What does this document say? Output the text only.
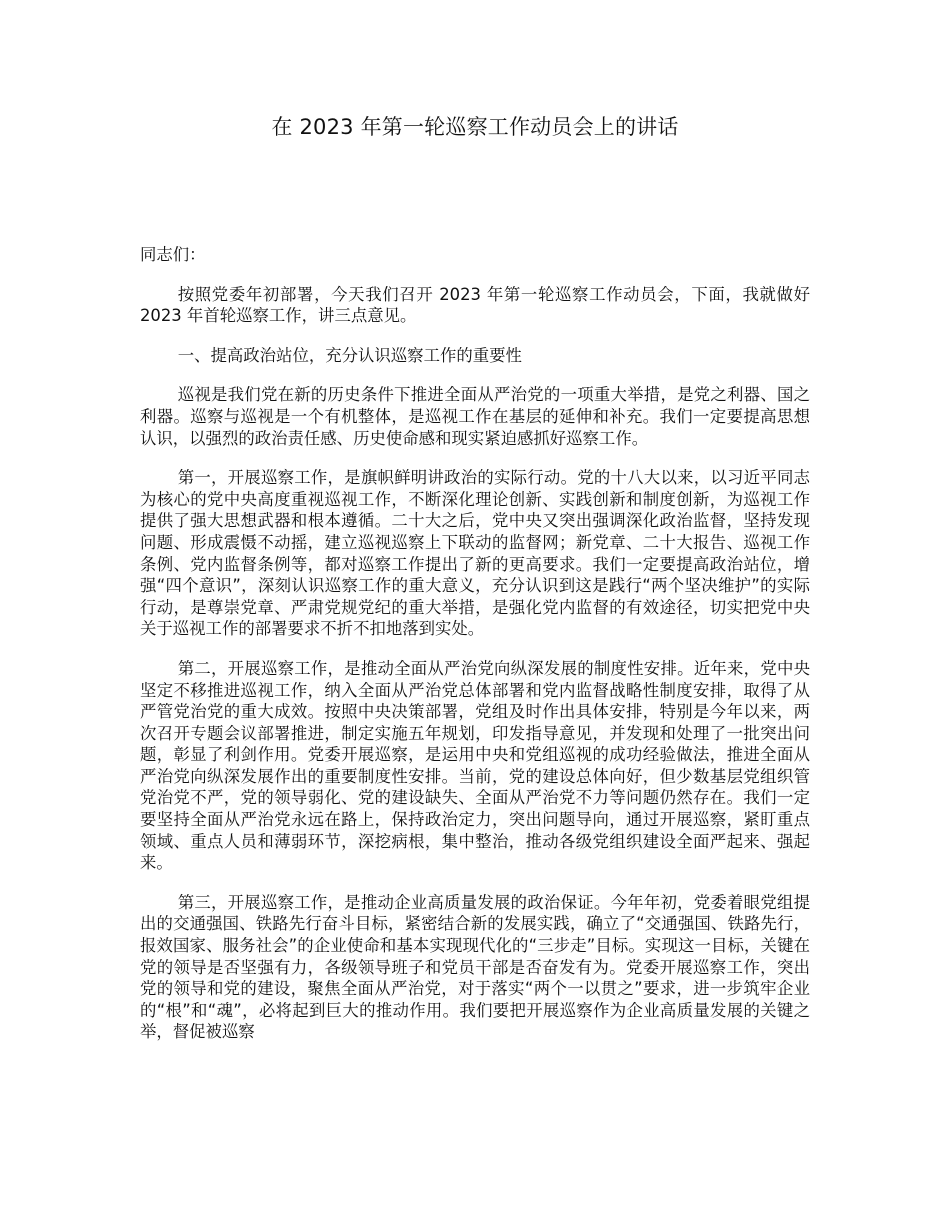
在 2023 年第一轮巡察工作动员会上的讲话

同志们：

按照党委年初部署，今天我们召开 2023 年第一轮巡察工作动员会，下面，我就做好 2023 年首轮巡察工作，讲三点意见。

一、提高政治站位，充分认识巡察工作的重要性

巡视是我们党在新的历史条件下推进全面从严治党的一项重大举措，是党之利器、国之利器。巡察与巡视是一个有机整体，是巡视工作在基层的延伸和补充。我们一定要提高思想认识，以强烈的政治责任感、历史使命感和现实紧迫感抓好巡察工作。

第一，开展巡察工作，是旗帜鲜明讲政治的实际行动。党的十八大以来，以习近平同志为核心的党中央高度重视巡视工作，不断深化理论创新、实践创新和制度创新，为巡视工作提供了强大思想武器和根本遵循。二十大之后，党中央又突出强调深化政治监督，坚持发现问题、形成震慑不动摇，建立巡视巡察上下联动的监督网；新党章、二十大报告、巡视工作条例、党内监督条例等，都对巡察工作提出了新的更高要求。我们一定要提高政治站位，增强“四个意识”，深刻认识巡察工作的重大意义，充分认识到这是践行“两个坚决维护”的实际行动，是尊崇党章、严肃党规党纪的重大举措，是强化党内监督的有效途径，切实把党中央关于巡视工作的部署要求不折不扣地落到实处。

第二，开展巡察工作，是推动全面从严治党向纵深发展的制度性安排。近年来，党中央坚定不移推进巡视工作，纳入全面从严治党总体部署和党内监督战略性制度安排，取得了从严管党治党的重大成效。按照中央决策部署，党组及时作出具体安排，特别是今年以来，两次召开专题会议部署推进，制定实施五年规划，印发指导意见，并发现和处理了一批突出问题，彰显了利剑作用。党委开展巡察，是运用中央和党组巡视的成功经验做法，推进全面从严治党向纵深发展作出的重要制度性安排。当前，党的建设总体向好，但少数基层党组织管党治党不严，党的领导弱化、党的建设缺失、全面从严治党不力等问题仍然存在。我们一定要坚持全面从严治党永远在路上，保持政治定力，突出问题导向，通过开展巡察，紧盯重点领域、重点人员和薄弱环节，深挖病根，集中整治，推动各级党组织建设全面严起来、强起来。

第三，开展巡察工作，是推动企业高质量发展的政治保证。今年年初，党委着眼党组提出的交通强国、铁路先行奋斗目标，紧密结合新的发展实践，确立了“交通强国、铁路先行，报效国家、服务社会”的企业使命和基本实现现代化的“三步走”目标。实现这一目标，关键在党的领导是否坚强有力，各级领导班子和党员干部是否奋发有为。党委开展巡察工作，突出党的领导和党的建设，聚焦全面从严治党，对于落实“两个一以贯之”要求，进一步筑牢企业的“根”和“魂”，必将起到巨大的推动作用。我们要把开展巡察作为企业高质量发展的关键之举，督促被巡察
